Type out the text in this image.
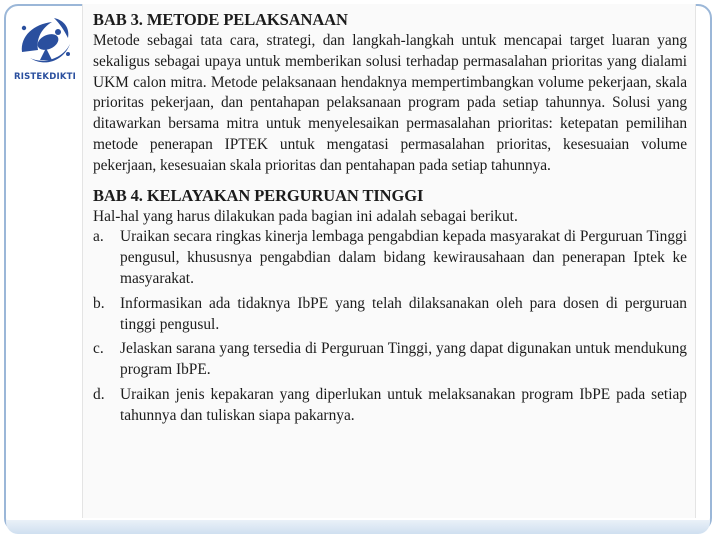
RISTEKDIKTI

BAB 3. METODE PELAKSANAAN

Metode sebagai tata cara, strategi, dan langkah-langkah untuk mencapai target luaran yang sekaligus sebagai upaya untuk memberikan solusi terhadap permasalahan prioritas yang dialami UKM calon mitra. Metode pelaksanaan hendaknya mempertimbangkan volume pekerjaan, skala prioritas pekerjaan, dan pentahapan pelaksanaan program pada setiap tahunnya. Solusi yang ditawarkan bersama mitra untuk menyelesaikan permasalahan prioritas: ketepatan pemilihan metode penerapan IPTEK untuk mengatasi permasalahan prioritas, kesesuaian volume pekerjaan, kesesuaian skala prioritas dan pentahapan pada setiap tahunnya.

BAB 4. KELAYAKAN PERGURUAN TINGGI

Hal-hal yang harus dilakukan pada bagian ini adalah sebagai berikut.

a.	Uraikan secara ringkas kinerja lembaga pengabdian kepada masyarakat di Perguruan Tinggi pengusul, khususnya pengabdian dalam bidang kewirausahaan dan penerapan Iptek ke masyarakat.
b.	Informasikan ada tidaknya IbPE yang telah dilaksanakan oleh para dosen di perguruan tinggi pengusul.
c.	Jelaskan sarana yang tersedia di Perguruan Tinggi, yang dapat digunakan untuk mendukung program IbPE.
d.	Uraikan jenis kepakaran yang diperlukan untuk melaksanakan program IbPE pada setiap tahunnya dan tuliskan siapa pakarnya.
